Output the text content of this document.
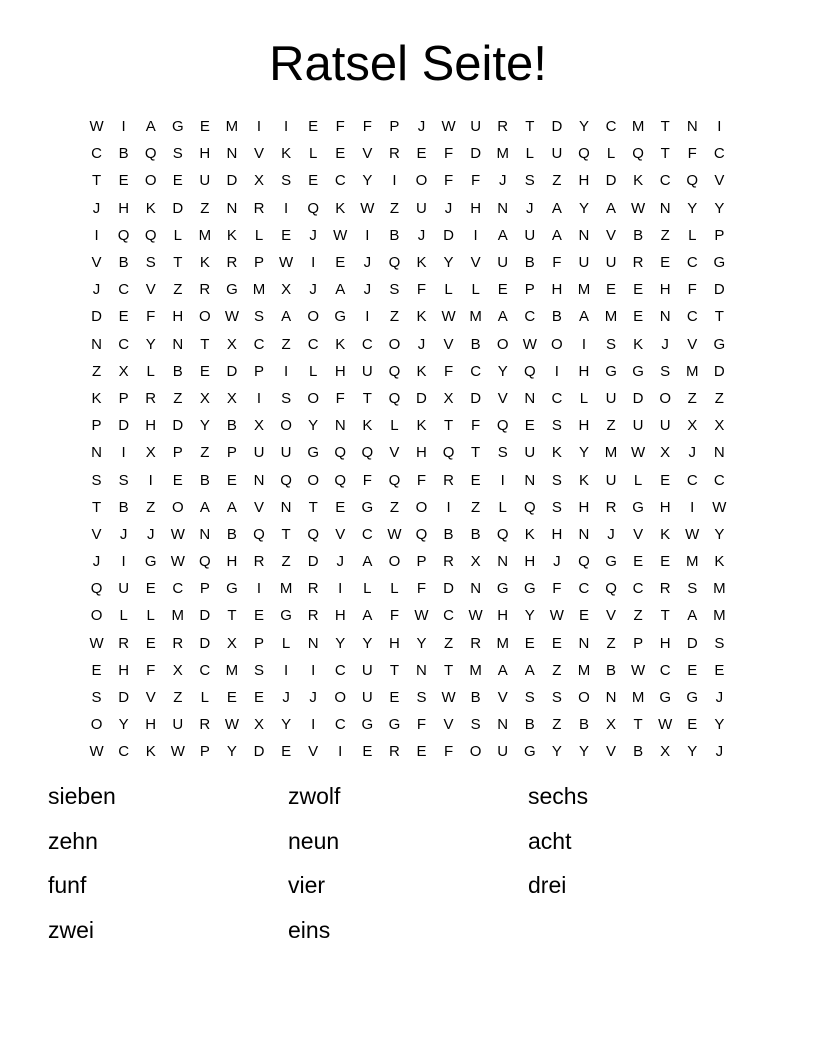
Ratsel Seite!
W	I	A	G	E	M	I	I	E	F	F	P	J	W U	R	T	D	Y	C	M	T	N	I
C	B	Q	S	H	N	V	K	L	E	V	R	E	F	D	M	L	U	Q	L	Q	T	F	C
T	E	O	E	U	D	X	S	E	C	Y	I	O	F	F	J	S	Z	H	D	K	C	Q	V
J	H	K	D	Z	N	R	I	Q	K W	Z	U	J	H	N	J	A	Y	A W N	Y	Y
I	Q	Q	L	M	K	L	E	J	W	I	B	J	D	I	A	U	A	N	V	B	Z	L	P
V	B	S	T	K	R	P W	I	E	J	Q	K	Y	V	U	B	F	U	U	R	E	C	G
J	C	V	Z	R	G M	X	J	A	J	S	F	L	L	E	P	H	M	E	E	H	F	D
D	E	F	H	O W S	A	O	G	I	Z	K W M	A	C	B	A	M	E	N	C	T
N	C	Y	N	T	X	C	Z	C	K	C	O	J	V	B	O W O	I	S	K	J	V	G
Z	X	L	B	E	D	P	I	L	H	U	Q	K	F	C	Y	Q	I	H	G	G	S	M	D
K	P	R	Z	X	X	I	S	O	F	T	Q	D	X	D	V	N	C	L	U	D	O	Z	Z
P	D	H	D	Y	B	X	O	Y	N	K	L	K	T	F	Q	E	S	H	Z	U	U	X	X
N	I	X	P	Z	P	U	U	G	Q	Q	V	H	Q	T	S	U	K	Y	M W X	J	N
S	S	I	E	B	E	N	Q	O	Q	F	Q	F	R	E	I	N	S	K	U	L	E	C	C
T	B	Z	O	A	A	V	N	T	E	G	Z	O	I	Z	L	Q	S	H	R	G	H	I	W
V	J	J	W N	B	Q	T	Q	V	C W Q	B	B	Q	K	H	N	J	V	K W Y
J	I	G W Q	H	R	Z	D	J	A	O	P	R	X	N	H	J	Q	G	E	E	M	K
Q	U	E	C	P	G	I	M	R	I	L	L	F	D	N	G	G	F	C	Q	C	R	S	M
O	L	L	M	D	T	E	G	R	H	A	F	W C W H	Y W E	V	Z	T	A	M
W R	E	R	D	X	P	L	N	Y	Y	H	Y	Z	R	M	E	E	N	Z	P	H	D	S
E	H	F	X	C	M	S	I	I	C	U	T	N	T	M	A	A	Z	M	B W C	E	E
S	D	V	Z	L	E	E	J	J	O	U	E	S W B	V	S	S	O	N	M	G	G	J
O	Y	H	U	R W X	Y	I	C	G	G	F	V	S	N	B	Z	B	X	T	W E	Y
W C	K W P	Y	D	E	V	I	E	R	E	F	O	U	G	Y	Y	V	B	X	Y	J
sieben	zwolf	sechs
zehn	neun	acht
funf	vier	drei
zwei	eins
